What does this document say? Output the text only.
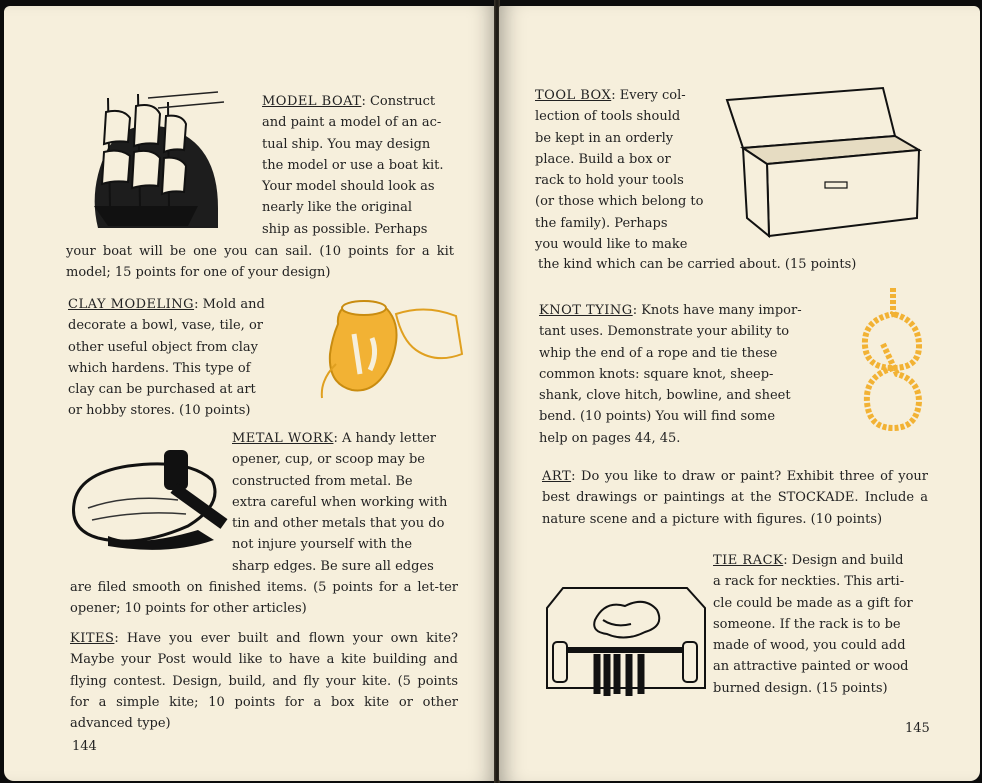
MODEL BOAT: Construct

and paint a model of an ac-

tual ship. You may design

the model or use a boat kit.

Your model should look as

nearly like the original

ship as possible. Perhaps

your boat will be one you can sail. (10 points for a kit model; 15 points for one of your design)

CLAY MODELING: Mold and

decorate a bowl, vase, tile, or

other useful object from clay

which hardens. This type of

clay can be purchased at art

or hobby stores. (10 points)

METAL WORK: A handy letter

opener, cup, or scoop may be

constructed from metal. Be

extra careful when working with

tin and other metals that you do

not injure yourself with the

sharp edges. Be sure all edges

are filed smooth on finished items. (5 points for a let-ter opener; 10 points for other articles)
KITES: Have you ever built and flown your own kite? Maybe your Post would like to have a kite building and flying contest. Design, build, and fly your kite. (5 points for a simple kite; 10 points for a box kite or other advanced type)
144

TOOL BOX: Every col-

lection of tools should

be kept in an orderly

place. Build a box or

rack to hold your tools

(or those which belong to

the family). Perhaps

you would like to make

the kind which can be carried about. (15 points)

KNOT TYING: Knots have many impor-

tant uses. Demonstrate your ability to

whip the end of a rope and tie these

common knots: square knot, sheep-

shank, clove hitch, bowline, and sheet

bend. (10 points) You will find some

help on pages 44, 45.

ART: Do you like to draw or paint? Exhibit three of your best drawings or paintings at the STOCKADE. Include a nature scene and a picture with figures. (10 points)

TIE RACK: Design and build

a rack for neckties. This arti-

cle could be made as a gift for

someone. If the rack is to be

made of wood, you could add

an attractive painted or wood

burned design. (15 points)

145
